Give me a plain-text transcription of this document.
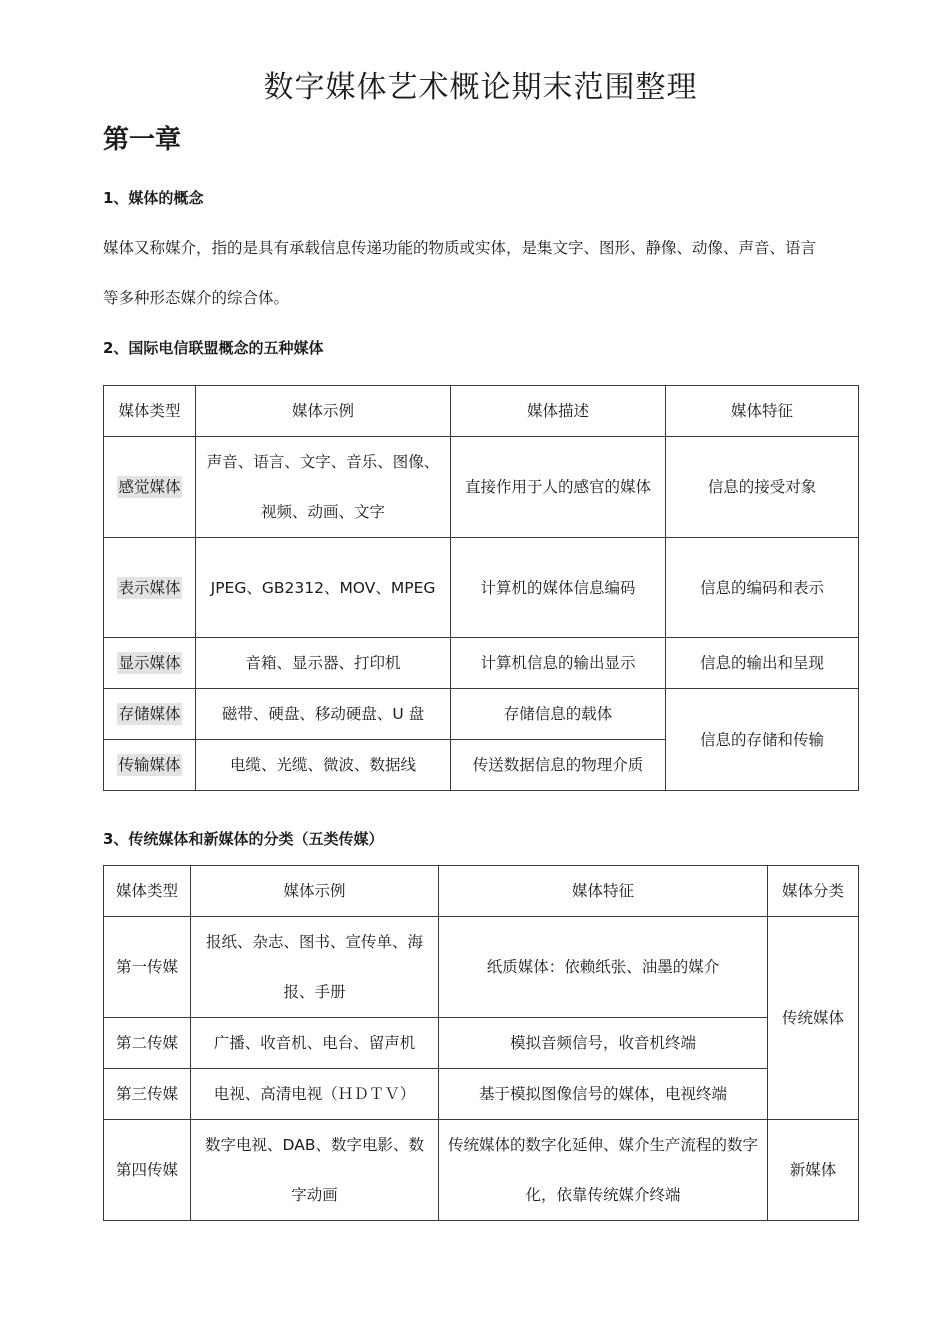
数字媒体艺术概论期末范围整理
第一章
1、媒体的概念

媒体又称媒介，指的是具有承载信息传递功能的物质或实体，是集文字、图形、静像、动像、声音、语言
等多种形态媒介的综合体。

2、国际电信联盟概念的五种媒体
媒体类型	媒体示例	媒体描述	媒体特征
感觉媒体	声音、语言、文字、音乐、图像、视频、动画、文字	直接作用于人的感官的媒体	信息的接受对象
表示媒体	JPEG、GB2312、MOV、MPEG	计算机的媒体信息编码	信息的编码和表示
显示媒体	音箱、显示器、打印机	计算机信息的输出显示	信息的输出和呈现
存储媒体	磁带、硬盘、移动硬盘、U 盘	存储信息的载体	信息的存储和传输
传输媒体	电缆、光缆、微波、数据线	传送数据信息的物理介质	
3、传统媒体和新媒体的分类（五类传媒）
媒体类型	媒体示例	媒体特征	媒体分类
第一传媒	报纸、杂志、图书、宣传单、海报、手册	纸质媒体：依赖纸张、油墨的媒介	传统媒体
第二传媒	广播、收音机、电台、留声机	模拟音频信号，收音机终端	
第三传媒	电视、高清电视（ＨＤＴＶ）	基于模拟图像信号的媒体，电视终端	
第四传媒	数字电视、DAB、数字电影、数字动画	传统媒体的数字化延伸、媒介生产流程的数字化，依靠传统媒介终端	新媒体
